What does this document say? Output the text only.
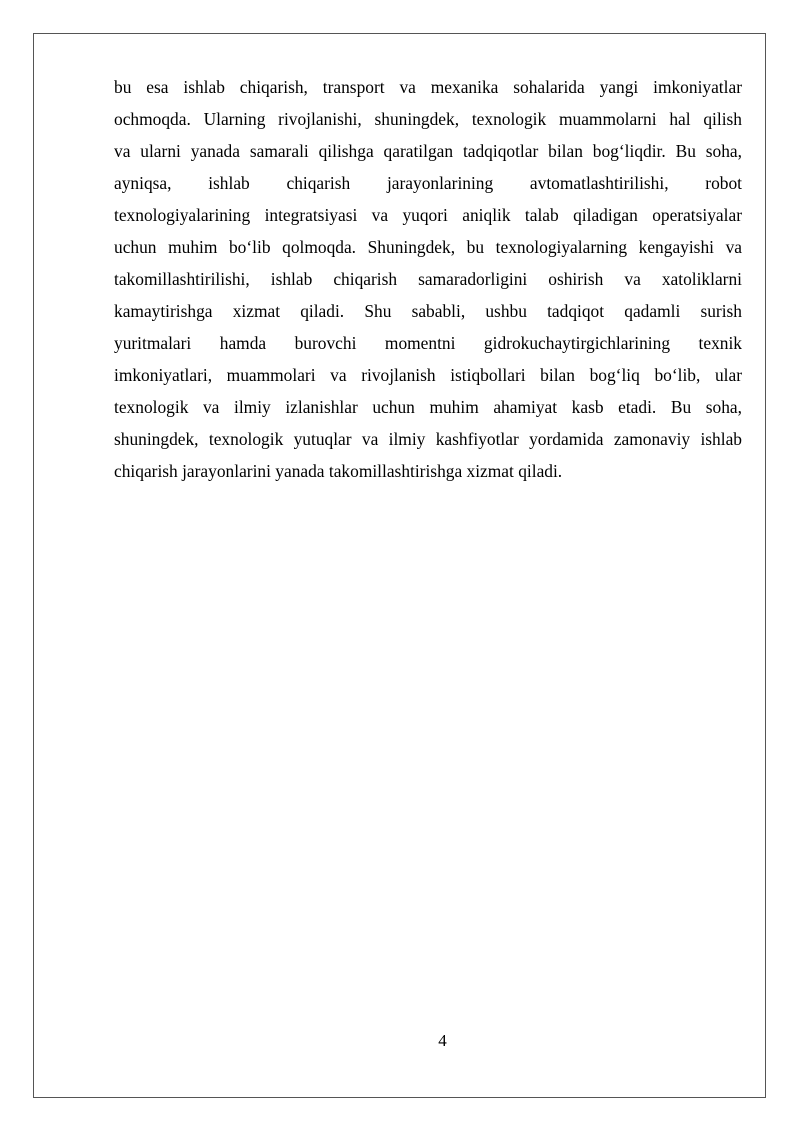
bu esa ishlab chiqarish, transport va mexanika sohalarida yangi imkoniyatlar
ochmoqda. Ularning rivojlanishi, shuningdek, texnologik muammolarni hal qilish
va ularni yanada samarali qilishga qaratilgan tadqiqotlar bilan bog‘liqdir. Bu soha,
ayniqsa, ishlab chiqarish jarayonlarining avtomatlashtirilishi, robot
texnologiyalarining integratsiyasi va yuqori aniqlik talab qiladigan operatsiyalar
uchun muhim bo‘lib qolmoqda. Shuningdek, bu texnologiyalarning kengayishi va
takomillashtirilishi, ishlab chiqarish samaradorligini oshirish va xatoliklarni
kamaytirishga xizmat qiladi. Shu sababli, ushbu tadqiqot qadamli surish
yuritmalari hamda burovchi momentni gidrokuchaytirgichlarining texnik
imkoniyatlari, muammolari va rivojlanish istiqbollari bilan bog‘liq bo‘lib, ular
texnologik va ilmiy izlanishlar uchun muhim ahamiyat kasb etadi. Bu soha,
shuningdek, texnologik yutuqlar va ilmiy kashfiyotlar yordamida zamonaviy ishlab
chiqarish jarayonlarini yanada takomillashtirishga xizmat qiladi.

4
